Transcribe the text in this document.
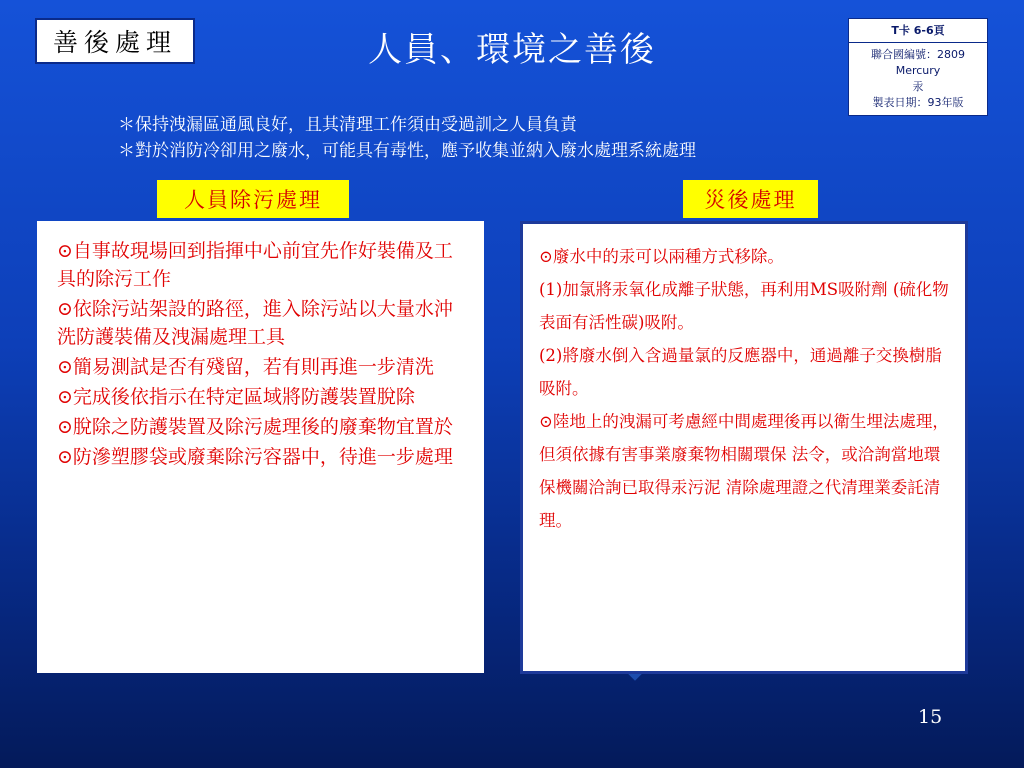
善後處理	人員、環境之善後	T卡 6-6頁
聯合國編號：2809
Mercury
汞
製表日期：93年版
＊保持洩漏區通風良好，且其清理工作須由受過訓之人員負責
＊對於消防冷卻用之廢水，可能具有毒性，應予收集並納入廢水處理系統處理
人員除污處理	災後處理

⊙自事故現場回到指揮中心前宜先作好裝備及工具的除污工作

⊙依除污站架設的路徑，進入除污站以大量水沖洗防護裝備及洩漏處理工具

⊙簡易測試是否有殘留，若有則再進一步清洗

⊙完成後依指示在特定區域將防護裝置脫除

⊙脫除之防護裝置及除污處理後的廢棄物宜置於

⊙防滲塑膠袋或廢棄除污容器中，待進一步處理

⊙廢水中的汞可以兩種方式移除。

(1)加氯將汞氧化成離子狀態，再利用MS吸附劑 (硫化物表面有活性碳)吸附。

(2)將廢水倒入含過量氯的反應器中，通過離子交換樹脂吸附。

⊙陸地上的洩漏可考慮經中間處理後再以衛生埋法處理，但須依據有害事業廢棄物相關環保 法令，或洽詢當地環保機關洽詢已取得汞污泥 清除處理證之代清理業委託清理。

15
